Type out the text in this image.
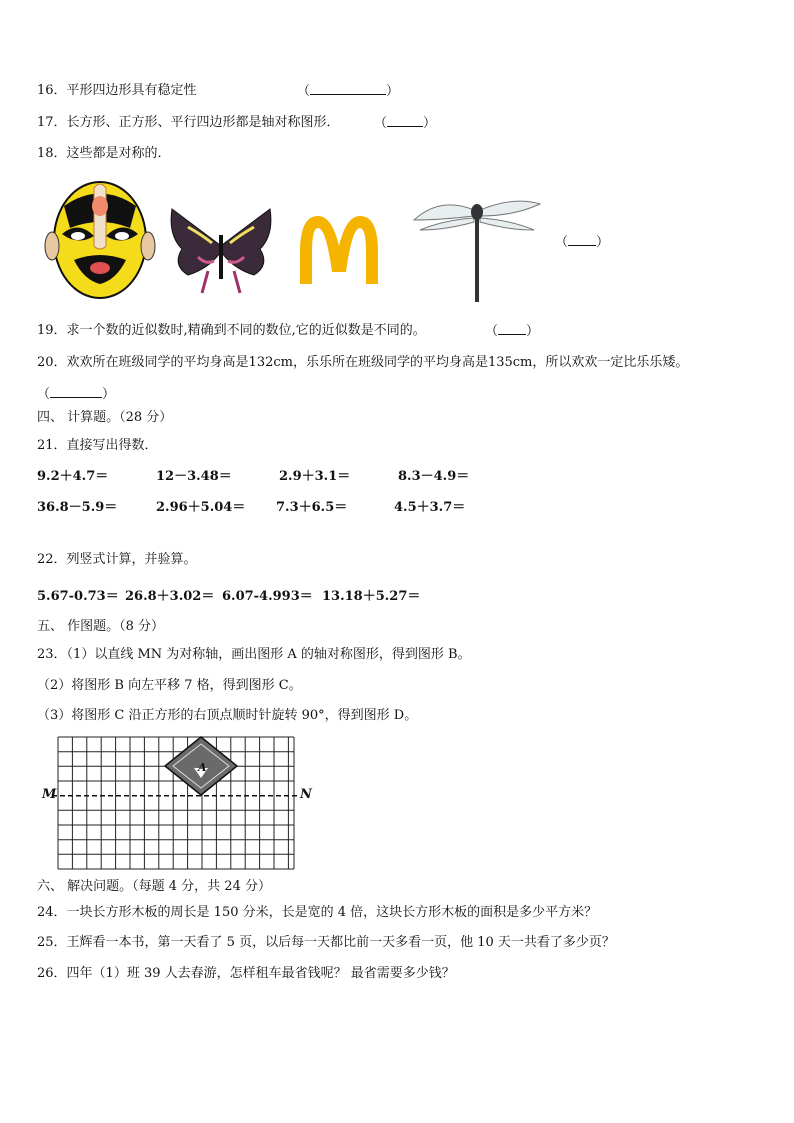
16．平形四边形具有稳定性	（	）
17．长方形、正方形、平行四边形都是轴对称图形．	（	）
18．这些都是对称的．
（ ）
19．求一个数的近似数时,精确到不同的数位,它的近似数是不同的。	（ ）
20．欢欢所在班级同学的平均身高是132cm，乐乐所在班级同学的平均身高是135cm，所以欢欢一定比乐乐矮。
（	）
四、 计算题。（28 分）
21．直接写出得数．
9.2＋4.7＝	12－3.48＝	2.9＋3.1＝	8.3－4.9＝
36.8－5.9＝	2.96＋5.04＝ 7.3＋6.5＝	4.5＋3.7＝
22．列竖式计算，并验算。
5.67-0.73＝ 26.8＋3.02＝ 6.07-4.993＝ 13.18＋5.27＝
五、 作图题。（8 分）
23．（1）以直线 MN 为对称轴，画出图形 A 的轴对称图形，得到图形 B。
（2）将图形 B 向左平移 7 格，得到图形 C。
（3）将图形 C 沿正方形的右顶点顺时针旋转 90°，得到图形 D。
M	N
A
六、 解决问题。（每题 4 分，共 24 分）
24．一块长方形木板的周长是 150 分米，长是宽的 4 倍，这块长方形木板的面积是多少平方米？
25．王辉看一本书，第一天看了 5 页，以后每一天都比前一天多看一页，他 10 天一共看了多少页？
26．四年（1）班 39 人去春游，怎样租车最省钱呢？ 最省需要多少钱？
